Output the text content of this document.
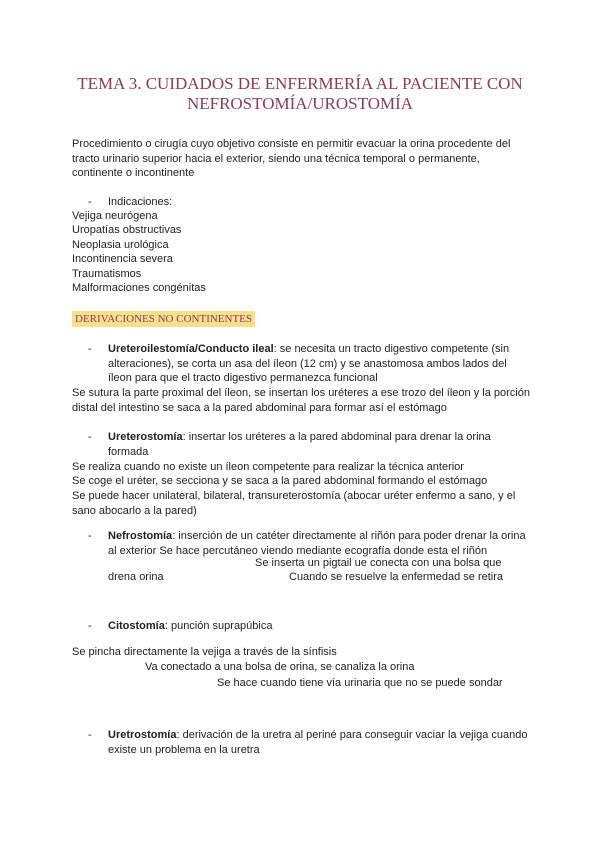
TEMA 3. CUIDADOS DE ENFERMERÍA AL PACIENTE CON
NEFROSTOMÍA/UROSTOMÍA

Procedimiento o cirugía cuyo objetivo consiste en permitir evacuar la orina procedente del tracto urinario superior hacia el exterior, siendo una técnica temporal o permanente, continente o incontinente

- Indicaciones:
Vejiga neurógena
Uropatías obstructivas
Neoplasia urológica
Incontinencia severa
Traumatismos
Malformaciones congénitas
DERIVACIONES NO CONTINENTES
- Ureteroilestomía/Conducto ileal: se necesita un tracto digestivo competente (sin alteraciones), se corta un asa del íleon (12 cm) y se anastomosa ambos lados del íleon para que el tracto digestivo permanezca funcional

Se sutura la parte proximal del íleon, se insertan los uréteres a ese trozo del íleon y la porción distal del intestino se saca a la pared abdominal para formar así el estómago

- Ureterostomía: insertar los uréteres a la pared abdominal para drenar la orina formada

Se realiza cuando no existe un íleon competente para realizar la técnica anterior
Se coge el uréter, se secciona y se saca a la pared abdominal formando el estómago

Se puede hacer unilateral, bilateral, transureterostomía (abocar uréter enfermo a sano, y el sano abocarlo a la pared)

- Nefrostomía: inserción de un catéter directamente al riñón para poder drenar la orina al exterior Se hace percutáneo viendo mediante ecografía donde esta el riñón

Se inserta un pigtail ue conecta con una bolsa que
drena orina	Cuando se resuelve la enfermedad se retira
- Citostomía: punción suprapúbica

Se pincha directamente la vejiga a través de la sínfisis
Va conectado a una bolsa de orina, se canaliza la orina
Se hace cuando tiene vía urinaria que no se puede sondar
- Uretrostomía: derivación de la uretra al periné para conseguir vaciar la vejiga cuando existe un problema en la uretra
